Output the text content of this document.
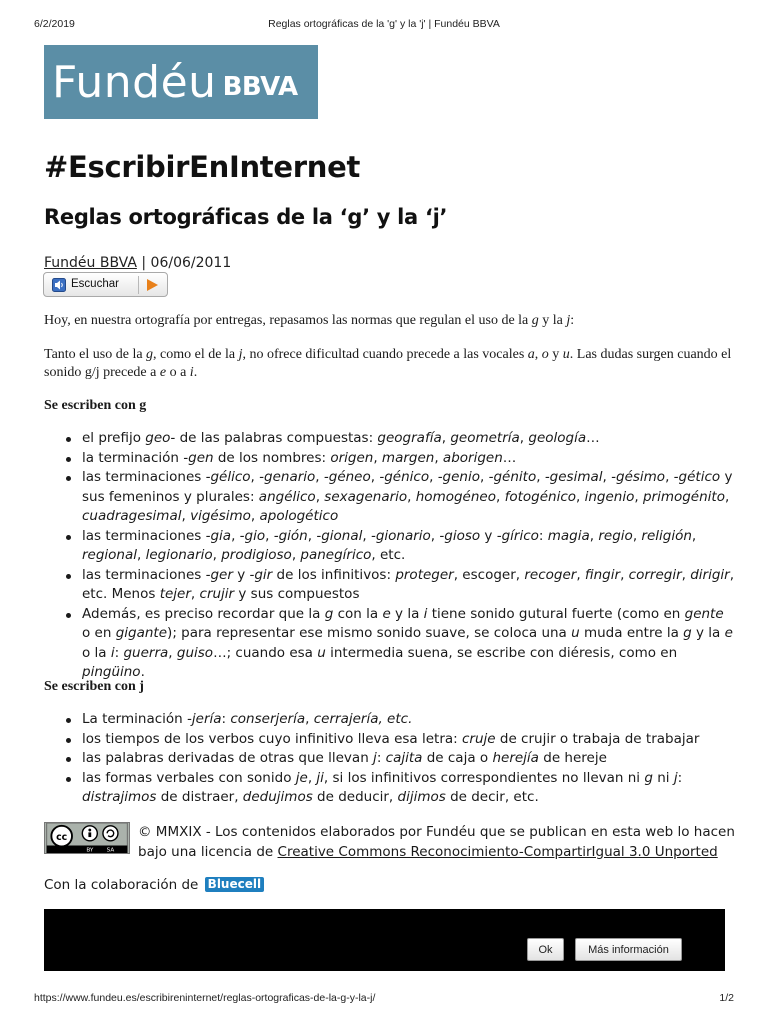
6/2/2019	Reglas ortográficas de la 'g' y la 'j' | Fundéu BBVA
Fundéu BBVA
#EscribirEnInternet
Reglas ortográficas de la ‘g’ y la ‘j’
Fundéu BBVA | 06/06/2011
Escuchar

Hoy, en nuestra ortografía por entregas, repasamos las normas que regulan el uso de la g y la j:

Tanto el uso de la g, como el de la j, no ofrece dificultad cuando precede a las vocales a, o y u. Las dudas surgen cuando el sonido g/j precede a e o a i.

Se escriben con g

el prefijo geo- de las palabras compuestas: geografía, geometría, geología…
la terminación -gen de los nombres: origen, margen, aborigen…
las terminaciones -gélico, -genario, -géneo, -génico, -genio, -génito, -gesimal, -gésimo, -gético y sus femeninos y plurales: angélico, sexagenario, homogéneo, fotogénico, ingenio, primogénito, cuadragesimal, vigésimo, apologético
las terminaciones -gia, -gio, -gión, -gional, -gionario, -gioso y -gírico: magia, regio, religión, regional, legionario, prodigioso, panegírico, etc.
las terminaciones -ger y -gir de los infinitivos: proteger, escoger, recoger, fingir, corregir, dirigir, etc. Menos tejer, crujir y sus compuestos
Además, es preciso recordar que la g con la e y la i tiene sonido gutural fuerte (como en gente o en gigante); para representar ese mismo sonido suave, se coloca una u muda entre la g y la e o la i: guerra, guiso…; cuando esa u intermedia suena, se escribe con diéresis, como en pingüino.

Se escriben con j

La terminación -jería: conserjería, cerrajería, etc.
los tiempos de los verbos cuyo infinitivo lleva esa letra: cruje de crujir o trabaja de trabajar
las palabras derivadas de otras que llevan j: cajita de caja o herejía de hereje
las formas verbales con sonido je, ji, si los infinitivos correspondientes no llevan ni g ni j: distrajimos de distraer, dedujimos de deducir, dijimos de decir, etc.
cc
BY SA
© MMXIX - Los contenidos elaborados por Fundéu que se publican en esta web lo hacen bajo una licencia de Creative Commons Reconocimiento-CompartirIgual 3.0 Unported
Con la colaboración de Bluecell
Ok	Más información
https://www.fundeu.es/escribireninternet/reglas-ortograficas-de-la-g-y-la-j/	1/2
